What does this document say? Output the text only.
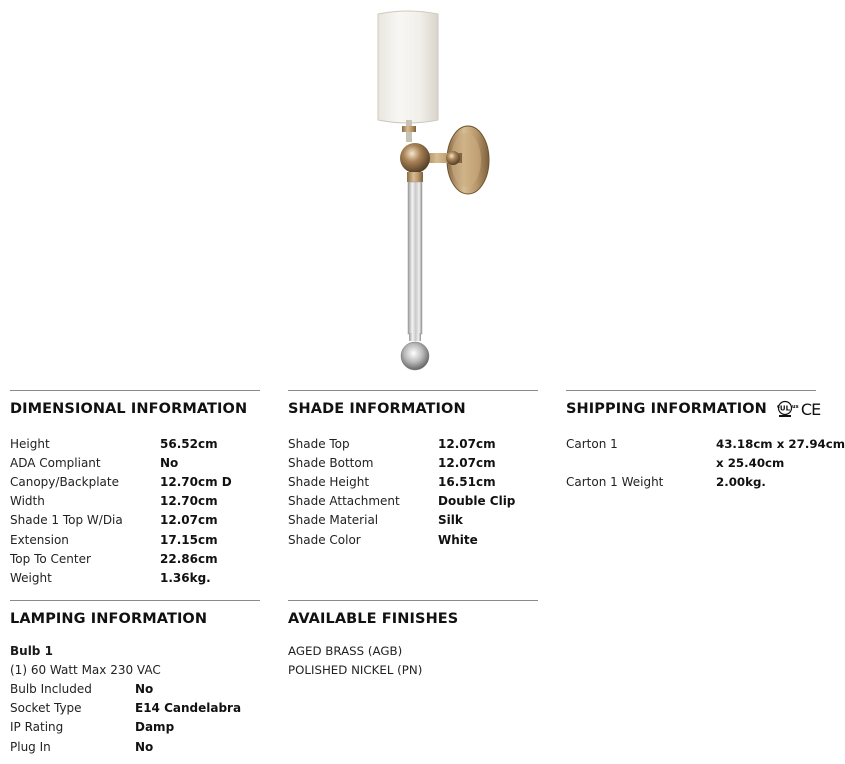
DIMENSIONAL INFORMATION
Height	56.52cm
ADA Compliant	No
Canopy/Backplate	12.70cm D
Width	12.70cm
Shade 1 Top W/Dia	12.07cm
Extension	17.15cm
Top To Center	22.86cm
Weight	1.36kg.
SHADE INFORMATION
Shade Top	12.07cm
Shade Bottom	12.07cm
Shade Height	16.51cm
Shade Attachment	Double Clip
Shade Material	Silk
Shade Color	White
SHIPPING INFORMATION UL
c us CE
Carton 1	43.18cm x 27.94cm
x 25.40cm
Carton 1 Weight	2.00kg.
LAMPING INFORMATION
Bulb 1
(1) 60 Watt Max 230 VAC
Bulb Included	No
Socket Type	E14 Candelabra
IP Rating	Damp
Plug In	No
AVAILABLE FINISHES
AGED BRASS (AGB)
POLISHED NICKEL (PN)
